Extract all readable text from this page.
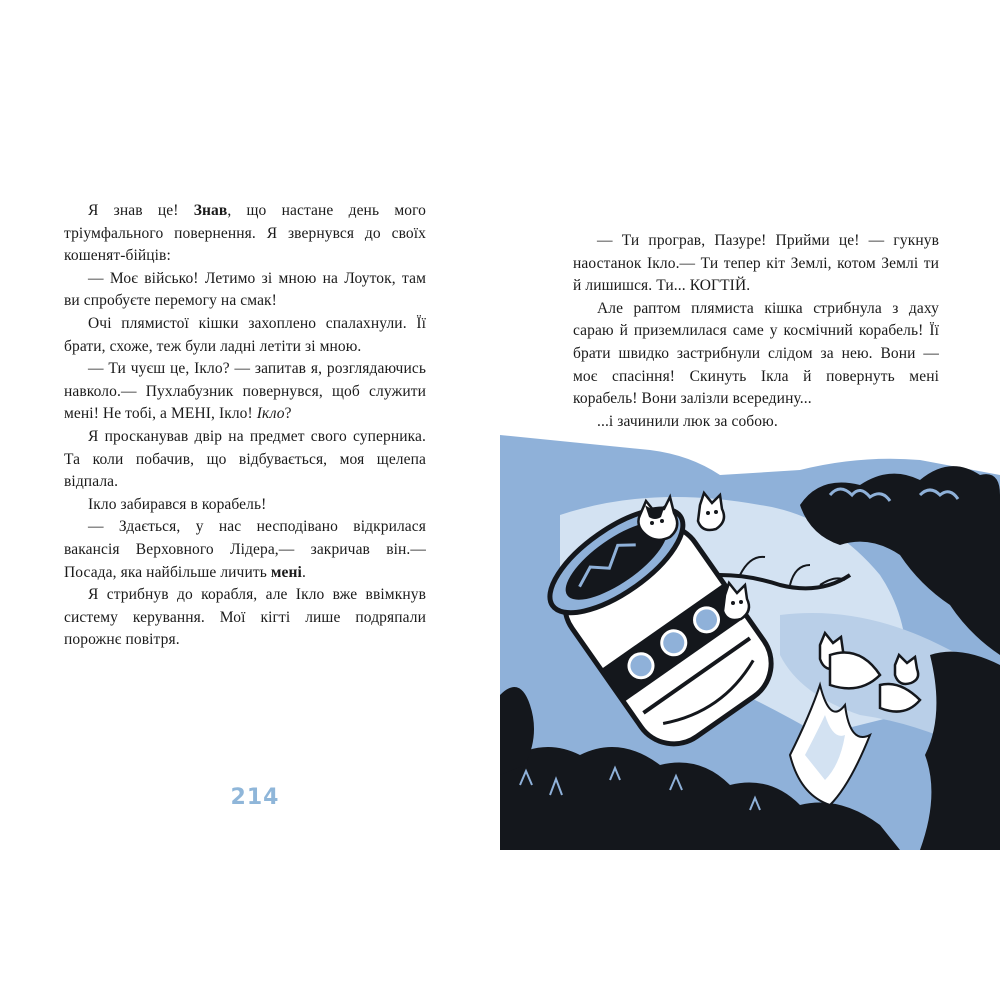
Я знав це! Знав, що настане день мого тріумфального повернення. Я звернувся до своїх кошенят-бійців:

— Моє військо! Летимо зі мною на Лоуток, там ви спробуєте перемогу на смак!

Очі плямистої кішки захоплено спалахнули. Її брати, схоже, теж були ладні летіти зі мною.

— Ти чуєш це, Ікло? — запитав я, розглядаючись навколо.— Пухлабузник повернувся, щоб служити мені! Не тобі, а МЕНІ, Ікло! Ікло?

Я просканував двір на предмет свого суперника. Та коли побачив, що відбувається, моя щелепа відпала.

Ікло забирався в корабель!

— Здається, у нас несподівано відкрилася вакансія Верховного Лідера,— закричав він.— Посада, яка найбільше личить мені.

Я стрибнув до корабля, але Ікло вже ввімкнув систему керування. Мої кігті лише подряпали порожнє повітря.

214

— Ти програв, Пазуре! Прийми це! — гукнув наостанок Ікло.— Ти тепер кіт Землі, котом Землі ти й лишишся. Ти... КОГТІЙ.

Але раптом плямиста кішка стрибнула з даху сараю й приземлилася саме у космічний корабель! Її брати швидко застрибнули слідом за нею. Вони — моє спасіння! Скинуть Ікла й повернуть мені корабель! Вони залізли всередину...

...і зачинили люк за собою.
